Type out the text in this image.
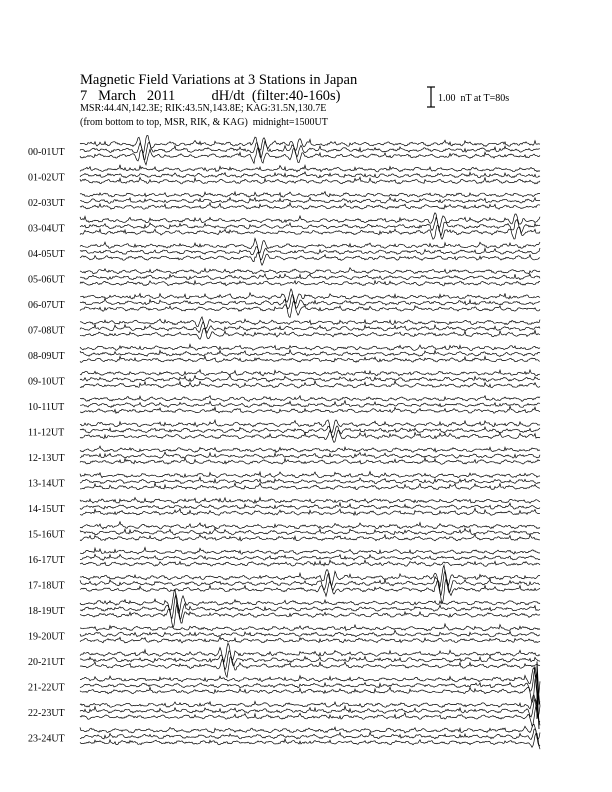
Magnetic Field Variations at 3 Stations in Japan
7   March   2011          dH/dt  (filter:40-160s)
MSR:44.4N,142.3E; RIK:43.5N,143.8E; KAG:31.5N,130.7E
(from bottom to top, MSR, RIK, & KAG)  midnight=1500UT
1.00  nT at T=80s
00-01UT
01-02UT
02-03UT
03-04UT
04-05UT
05-06UT
06-07UT
07-08UT
08-09UT
09-10UT
10-11UT
11-12UT
12-13UT
13-14UT
14-15UT
15-16UT
16-17UT
17-18UT
18-19UT
19-20UT
20-21UT
21-22UT
22-23UT
23-24UT
